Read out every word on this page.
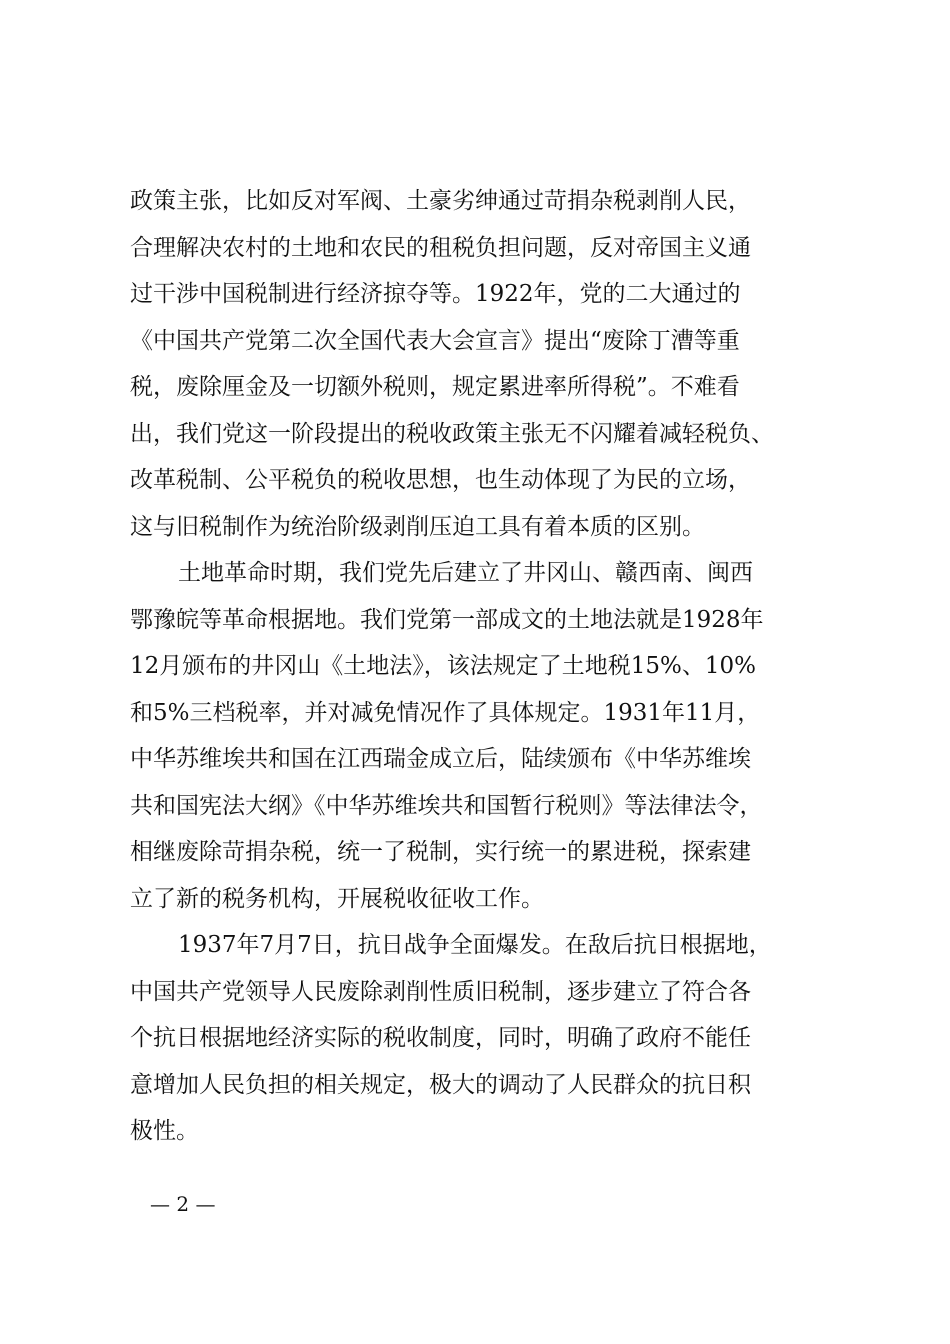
政策主张，比如反对军阀、土豪劣绅通过苛捐杂税剥削人民，
合理解决农村的土地和农民的租税负担问题，反对帝国主义通
过干涉中国税制进行经济掠夺等。1922年，党的二大通过的
《中国共产党第二次全国代表大会宣言》提出“废除丁漕等重
税，废除厘金及一切额外税则，规定累进率所得税”。不难看
出，我们党这一阶段提出的税收政策主张无不闪耀着减轻税负、
改革税制、公平税负的税收思想，也生动体现了为民的立场，
这与旧税制作为统治阶级剥削压迫工具有着本质的区别。
土地革命时期，我们党先后建立了井冈山、赣西南、闽西
鄂豫皖等革命根据地。我们党第一部成文的土地法就是1928年
12月颁布的井冈山《土地法》，该法规定了土地税15%、10%
和5%三档税率，并对减免情况作了具体规定。1931年11月，
中华苏维埃共和国在江西瑞金成立后，陆续颁布《中华苏维埃
共和国宪法大纲》《中华苏维埃共和国暂行税则》等法律法令，
相继废除苛捐杂税，统一了税制，实行统一的累进税，探索建
立了新的税务机构，开展税收征收工作。
1937年7月7日，抗日战争全面爆发。在敌后抗日根据地，
中国共产党领导人民废除剥削性质旧税制，逐步建立了符合各
个抗日根据地经济实际的税收制度，同时，明确了政府不能任
意增加人民负担的相关规定，极大的调动了人民群众的抗日积
极性。
— 2 —
